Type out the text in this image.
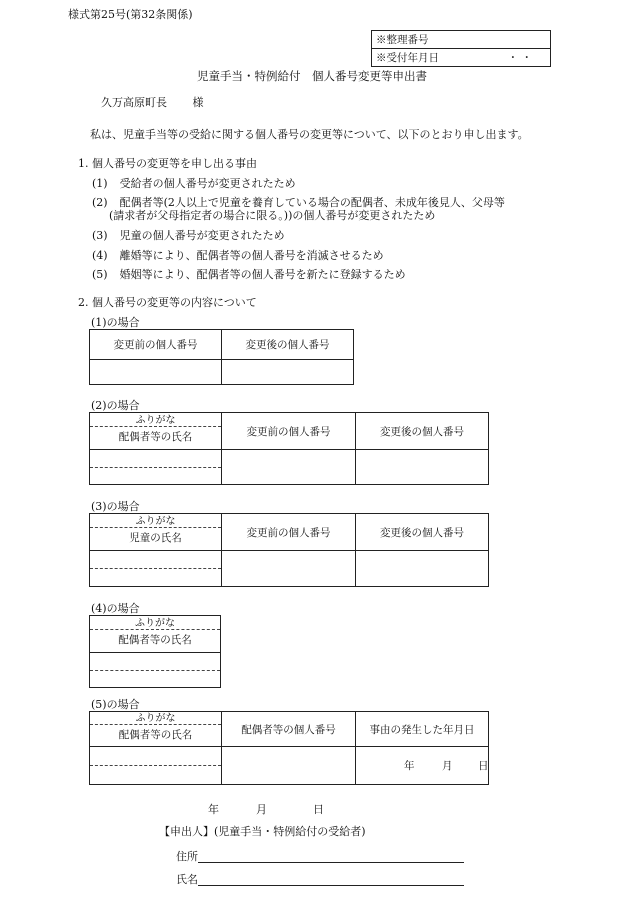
様式第25号(第32条関係)
※整理番号
※受付年月日	・ ・
児童手当・特例給付　個人番号変更等申出書
久万高原町長 様
私は、児童手当等の受給に関する個人番号の変更等について、以下のとおり申し出ます。
1. 個人番号の変更等を申し出る事由
(1) 受給者の個人番号が変更されたため
(2) 配偶者等(2人以上で児童を養育している場合の配偶者、未成年後見人、父母等
(請求者が父母指定者の場合に限る。))の個人番号が変更されたため
(3) 児童の個人番号が変更されたため
(4) 離婚等により、配偶者等の個人番号を消滅させるため
(5) 婚姻等により、配偶者等の個人番号を新たに登録するため
2. 個人番号の変更等の内容について
(1)の場合
変更前の個人番号	変更後の個人番号

(2)の場合
ふりがな
配偶者等の氏名	変更前の個人番号	変更後の個人番号

(3)の場合
ふりがな
児童の氏名	変更前の個人番号	変更後の個人番号

(4)の場合
ふりがな
配偶者等の氏名

(5)の場合
ふりがな
配偶者等の氏名	配偶者等の個人番号	事由の発生した年月日

		年 月 日
年	月	日
【申出人】(児童手当・特例給付の受給者)
住所
氏名
